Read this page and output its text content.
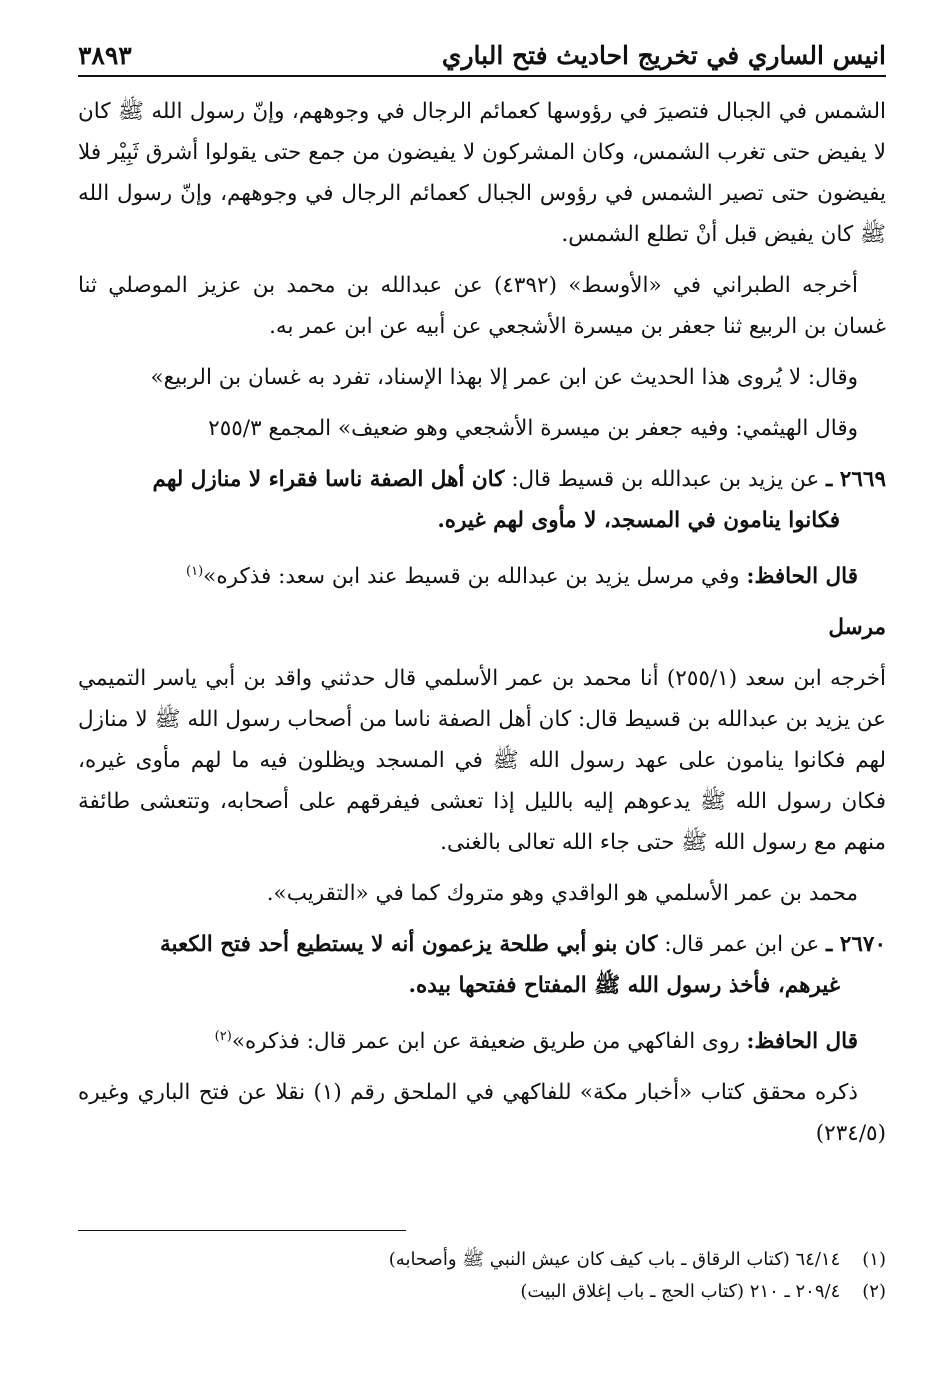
انيس الساري في تخريج احاديث فتح الباري
٣٨٩٣

الشمس في الجبال فتصيرَ في رؤوسها كعمائم الرجال في وجوههم، وإنّ رسول الله ﷺ كان لا يفيض حتى تغرب الشمس، وكان المشركون لا يفيضون من جمع حتى يقولوا أشرق ثَبِيْر فلا يفيضون حتى تصير الشمس في رؤوس الجبال كعمائم الرجال في وجوههم، وإنّ رسول الله ﷺ كان يفيض قبل أنْ تطلع الشمس.

أخرجه الطبراني في «الأوسط» (٤٣٩٢) عن عبدالله بن محمد بن عزيز الموصلي ثنا غسان بن الربيع ثنا جعفر بن ميسرة الأشجعي عن أبيه عن ابن عمر به.

وقال: لا يُروى هذا الحديث عن ابن عمر إلا بهذا الإسناد، تفرد به غسان بن الربيع»

وقال الهيثمي: وفيه جعفر بن ميسرة الأشجعي وهو ضعيف» المجمع ٢٥٥/٣

٢٦٦٩ ـ عن يزيد بن عبدالله بن قسيط قال: كان أهل الصفة ناسا فقراء لا منازل لهم

فكانوا ينامون في المسجد، لا مأوى لهم غيره.

قال الحافظ: وفي مرسل يزيد بن عبدالله بن قسيط عند ابن سعد: فذكره»$^{(١)}$

مرسل

أخرجه ابن سعد (٢٥٥/١) أنا محمد بن عمر الأسلمي قال حدثني واقد بن أبي ياسر التميمي عن يزيد بن عبدالله بن قسيط قال: كان أهل الصفة ناسا من أصحاب رسول الله ﷺ لا منازل لهم فكانوا ينامون على عهد رسول الله ﷺ في المسجد ويظلون فيه ما لهم مأوى غيره، فكان رسول الله ﷺ يدعوهم إليه بالليل إذا تعشى فيفرقهم على أصحابه، وتتعشى طائفة منهم مع رسول الله ﷺ حتى جاء الله تعالى بالغنى.

محمد بن عمر الأسلمي هو الواقدي وهو متروك كما في «التقريب».

٢٦٧٠ ـ عن ابن عمر قال: كان بنو أبي طلحة يزعمون أنه لا يستطيع أحد فتح الكعبة

غيرهم، فأخذ رسول الله ﷺ المفتاح ففتحها بيده.

قال الحافظ: روى الفاكهي من طريق ضعيفة عن ابن عمر قال: فذكره»$^{(٢)}$

ذكره محقق كتاب «أخبار مكة» للفاكهي في الملحق رقم (١) نقلا عن فتح الباري وغيره (٢٣٤/٥)

(١) ٦٤/١٤ (كتاب الرقاق ـ باب كيف كان عيش النبي ﷺ وأصحابه)
(٢) ٢٠٩/٤ ـ ٢١٠ (كتاب الحج ـ باب إغلاق البيت)
